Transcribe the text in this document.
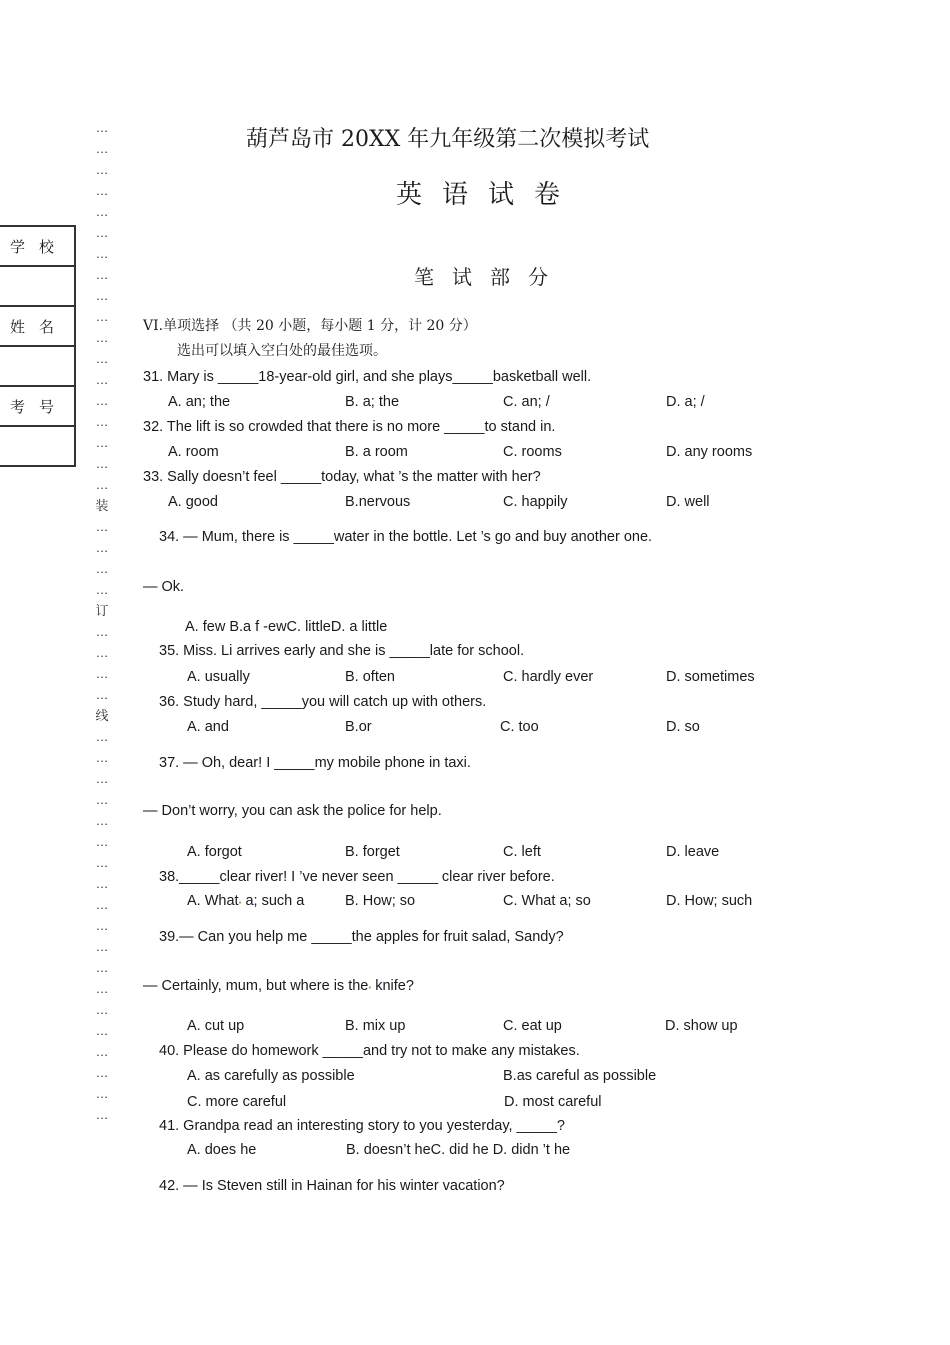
…
…
…
…
…
…
…
…
…
…
…
…
…
…
…
…
…
…
装
…
…
…
…
订
…
…
…
…
线
…
…
…
…
…
…
…
…
…
…
…
…
…
…
…
…
…
…
…
学校
姓名
考号
葫芦岛市 20XX 年九年级第二次模拟考试
英语试卷
笔试部分
VI.单项选择 （共 20 小题，每小题 1 分，计 20 分）
选出可以填入空白处的最佳选项。
31. Mary is _____18-year-old girl, and she plays_____basketball well.
A. an; the	B. a; the	C. an; /	D. a; /
32. The lift is so crowded that there is no more _____to stand in.
A. room	B. a room	C. rooms	D. any rooms
33. Sally doesn’t feel _____today, what ’s the matter with her?
A. good	B.nervous	C. happily	D. well
34. — Mum, there is _____water in the bottle. Let ’s go and buy another one.
— Ok.
A. few B.a f -ewC. littleD. a little
35. Miss. Li arrives early and she is _____late for school.
A. usually	B. often	C. hardly ever	D. sometimes
36. Study hard, _____you will catch up with others.
A. and	B.or	C. too	D. so
37. — Oh, dear! I _____my mobile phone in taxi.
— Don’t worry, you can ask the police for help.
A. forgot	B. forget	C. left	D. leave
38._____clear river! I ’ve never seen _____ clear river before.
A. What▪ a; such a	B. How; so	C. What a; so	D. How; such
39.— Can you help me _____the apples for fruit salad, Sandy?
— Certainly, mum, but where is the▪ knife?
A. cut up	B. mix up	C. eat up	D. show up
40. Please do homework _____and try not to make any mistakes.
A. as carefully as possible	B.as careful as possible
C. more careful	D. most careful
41. Grandpa read an interesting story to you yesterday, _____?
A. does he	B. doesn’t heC. did he D. didn ’t he
42. — Is Steven still in Hainan for his winter vacation?
